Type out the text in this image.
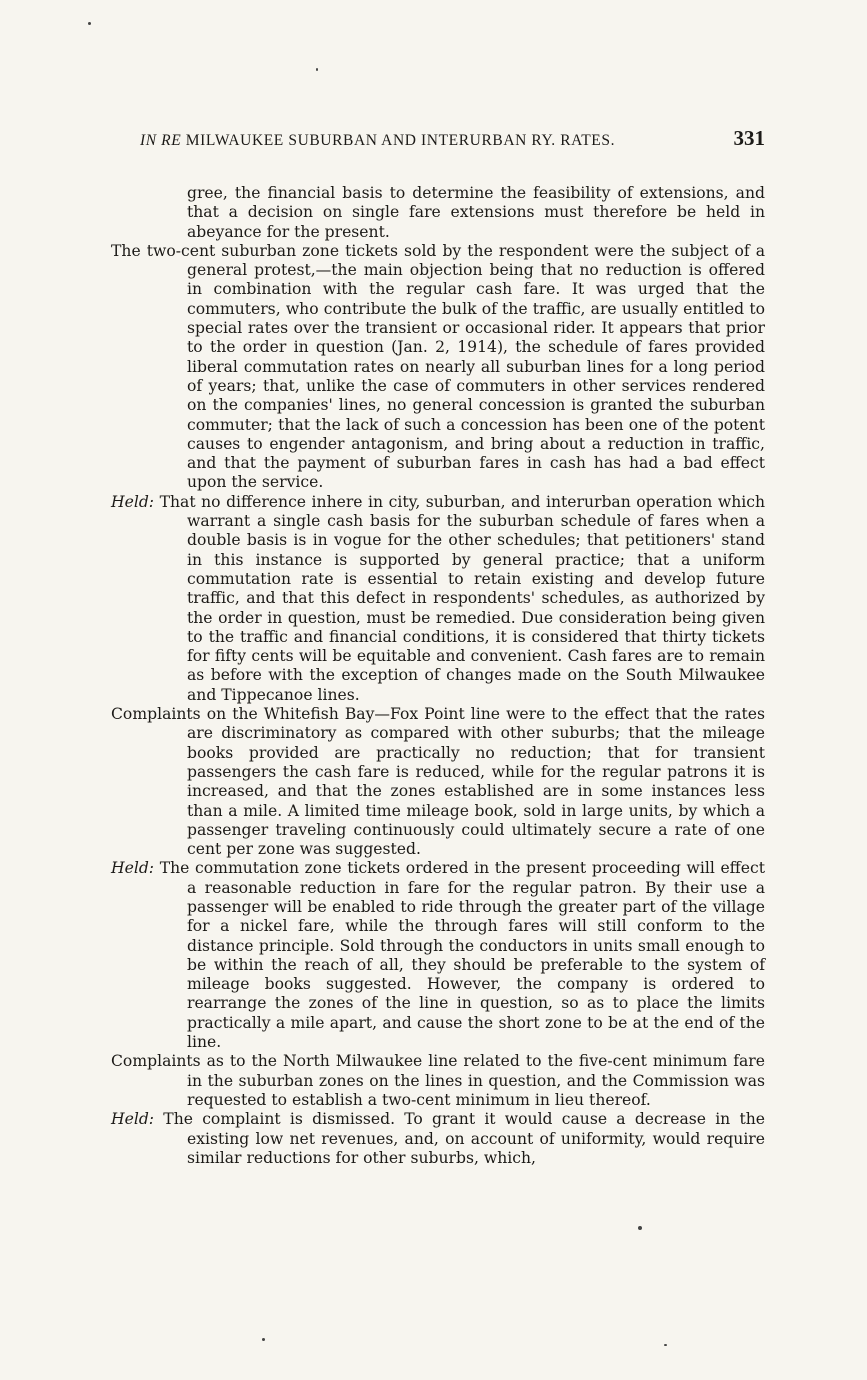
IN RE MILWAUKEE SUBURBAN AND INTERURBAN RY. RATES.	331

gree, the financial basis to determine the feasibility of extensions, and that a decision on single fare extensions must therefore be held in abeyance for the present.

The two-cent suburban zone tickets sold by the respondent were the subject of a general protest,—the main objection being that no reduction is offered in combination with the regular cash fare. It was urged that the commuters, who contribute the bulk of the traffic, are usually entitled to special rates over the transient or occasional rider. It appears that prior to the order in question (Jan. 2, 1914), the schedule of fares provided liberal commutation rates on nearly all suburban lines for a long period of years; that, unlike the case of commuters in other services rendered on the companies' lines, no general concession is granted the suburban commuter; that the lack of such a concession has been one of the potent causes to engender antagonism, and bring about a reduction in traffic, and that the payment of suburban fares in cash has had a bad effect upon the service.

Held: That no difference inhere in city, suburban, and interurban operation which warrant a single cash basis for the suburban schedule of fares when a double basis is in vogue for the other schedules; that petitioners' stand in this instance is supported by general practice; that a uniform commutation rate is essential to retain existing and develop future traffic, and that this defect in respondents' schedules, as authorized by the order in question, must be remedied. Due consideration being given to the traffic and financial conditions, it is considered that thirty tickets for fifty cents will be equitable and convenient. Cash fares are to remain as before with the exception of changes made on the South Milwaukee and Tippecanoe lines.

Complaints on the Whitefish Bay—Fox Point line were to the effect that the rates are discriminatory as compared with other suburbs; that the mileage books provided are practically no reduction; that for transient passengers the cash fare is reduced, while for the regular patrons it is increased, and that the zones established are in some instances less than a mile. A limited time mileage book, sold in large units, by which a passenger traveling continuously could ultimately secure a rate of one cent per zone was suggested.

Held: The commutation zone tickets ordered in the present proceeding will effect a reasonable reduction in fare for the regular patron. By their use a passenger will be enabled to ride through the greater part of the village for a nickel fare, while the through fares will still conform to the distance principle. Sold through the conductors in units small enough to be within the reach of all, they should be preferable to the system of mileage books suggested. However, the company is ordered to rearrange the zones of the line in question, so as to place the limits practically a mile apart, and cause the short zone to be at the end of the line.

Complaints as to the North Milwaukee line related to the five-cent minimum fare in the suburban zones on the lines in question, and the Commission was requested to establish a two-cent minimum in lieu thereof.

Held: The complaint is dismissed. To grant it would cause a decrease in the existing low net revenues, and, on account of uniformity, would require similar reductions for other suburbs, which,
